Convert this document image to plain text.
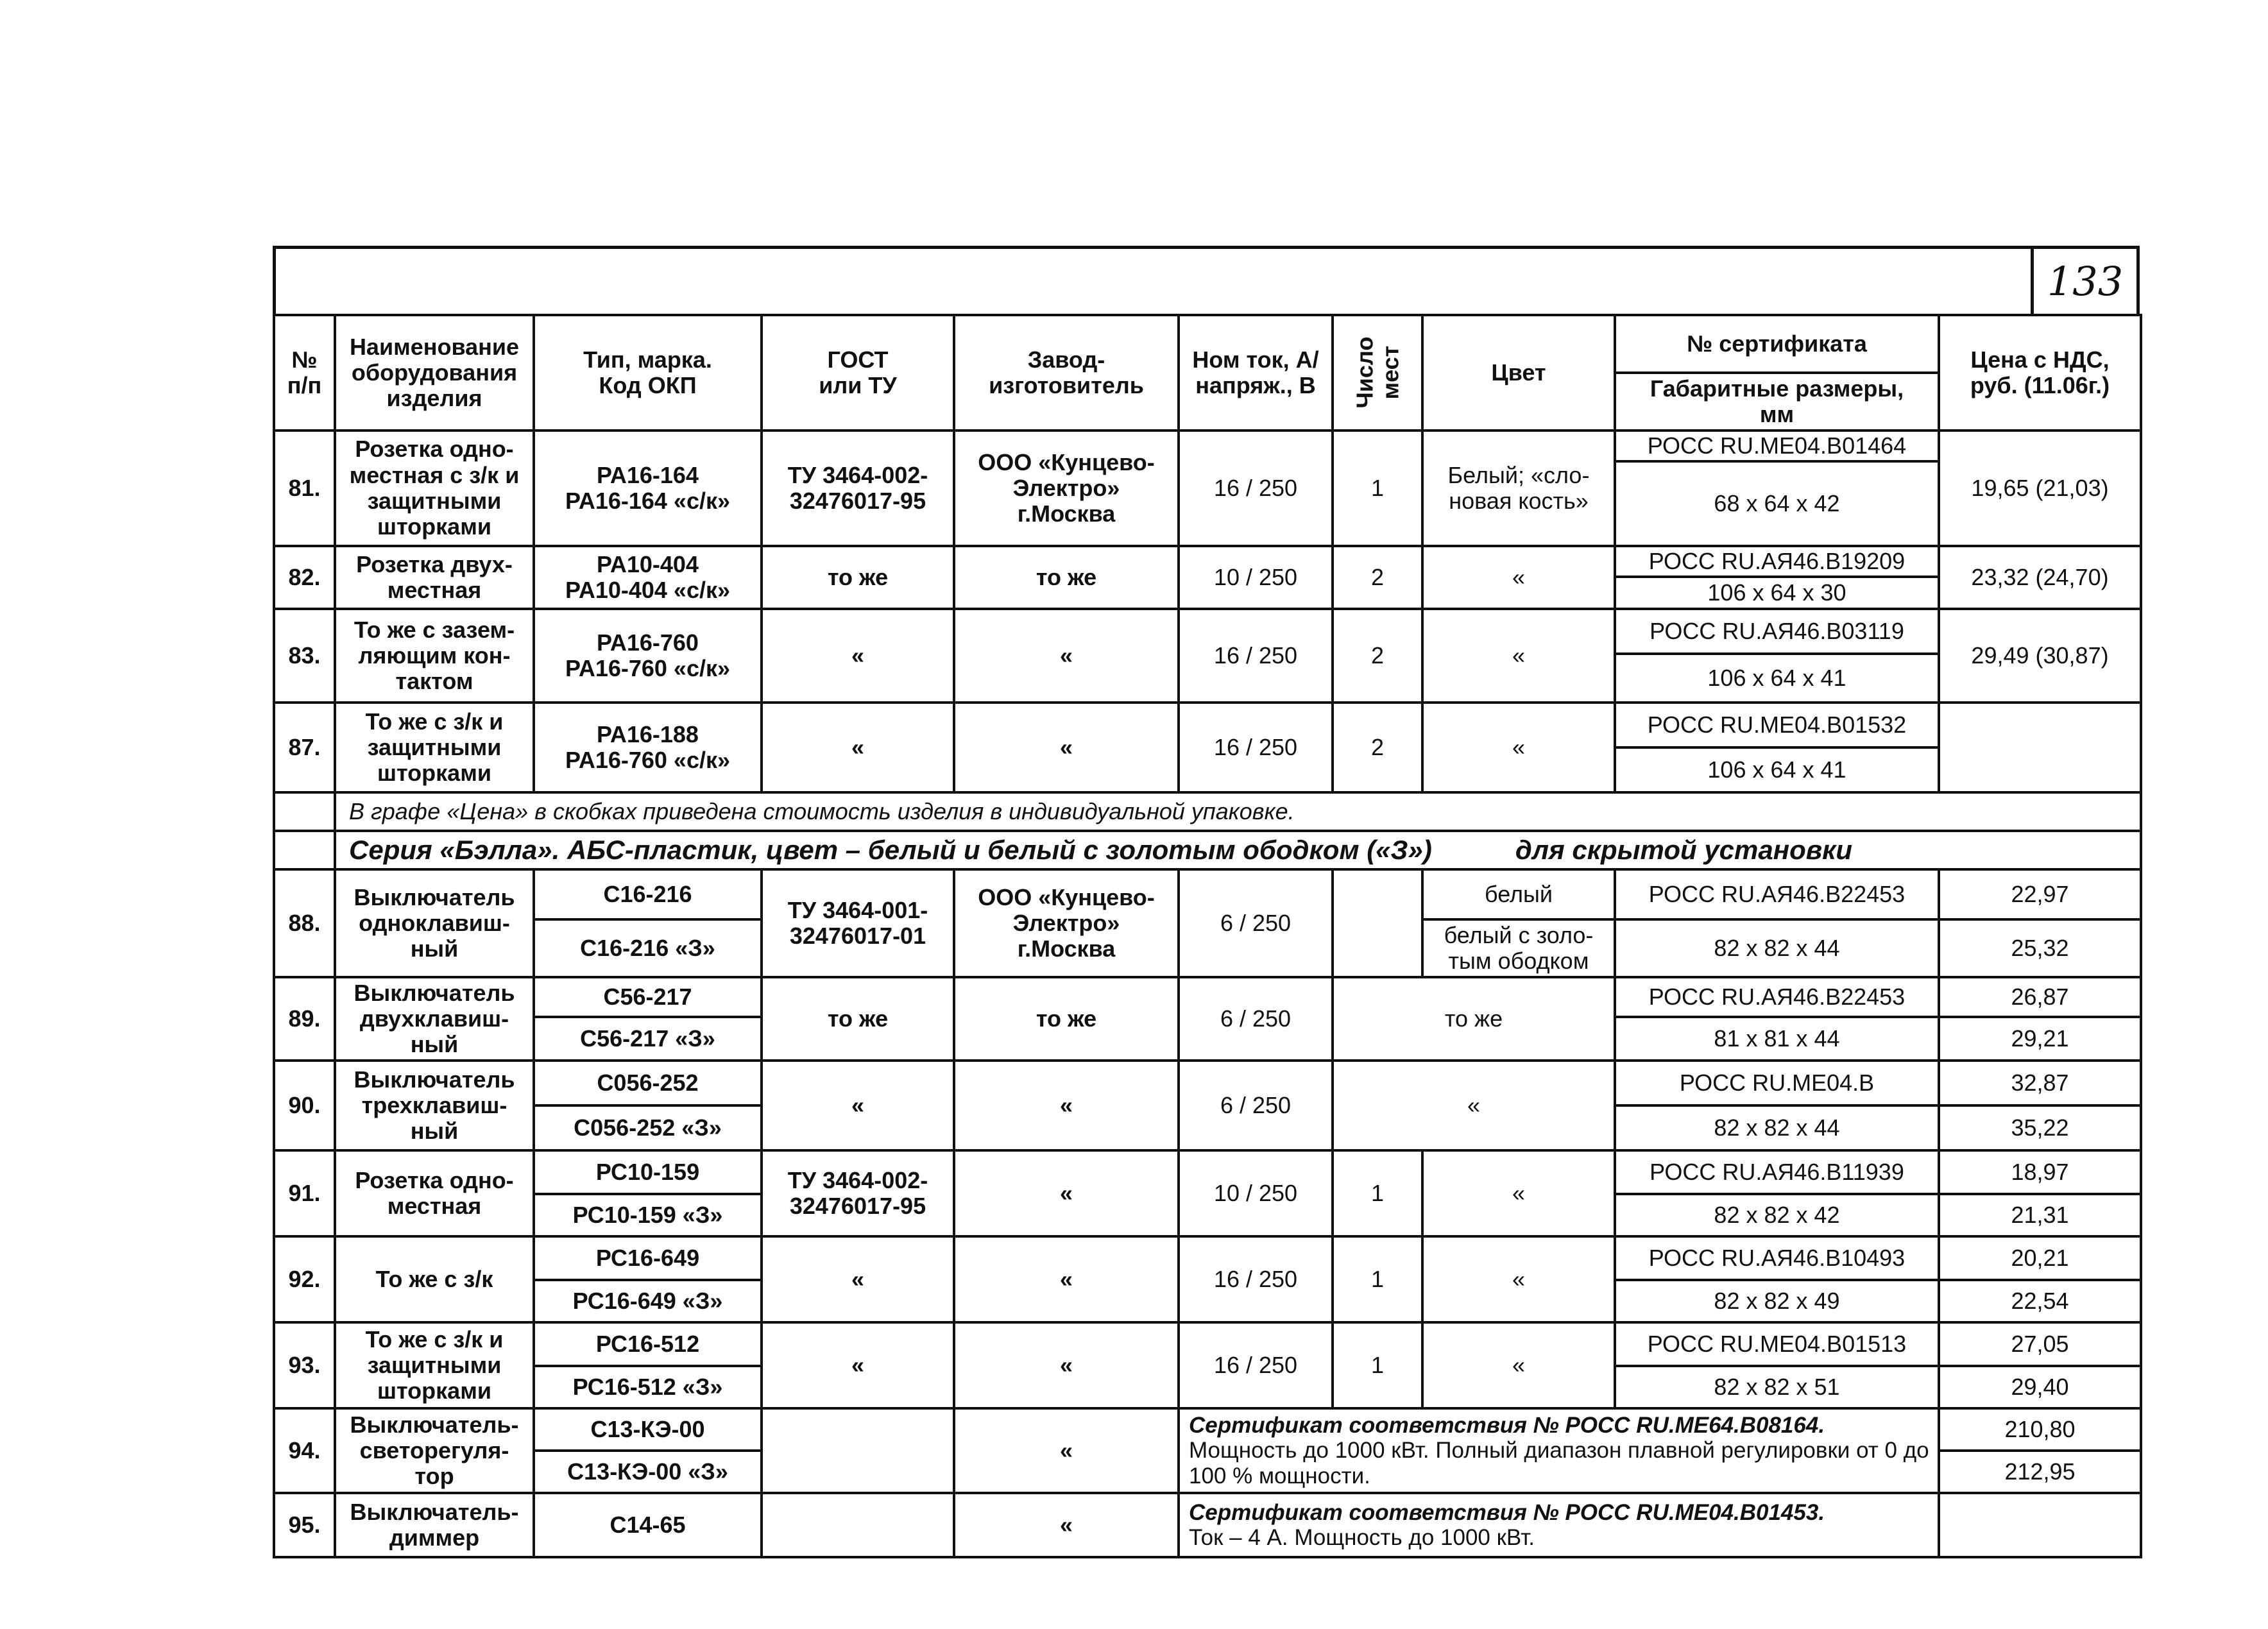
133
№
п/п	Наименование
оборудования
изделия	Тип, марка.
Код ОКП	ГОСТ
или ТУ	Завод-
изготовитель	Ном ток, А/
напряж., В	Число
мест	Цвет	№ сертификата	Цена с НДС,
руб. (11.06г.)
								Габаритные размеры,
мм	
81.	Розетка одно-
местная с з/к и
защитными
шторками	РА16-164
РА16-164 «с/к»	ТУ 3464-002-
32476017-95	ООО «Кунцево-
Электро»
г.Москва	16 / 250	1	Белый; «сло-
новая кость»	РОСС RU.МЕ04.В01464	19,65 (21,03)
								68 х 64 х 42	
82.	Розетка двух-
местная	РА10-404
РА10-404 «с/к»	то же	то же	10 / 250	2	«	РОСС RU.АЯ46.В19209	23,32 (24,70)
								106 х 64 х 30	
83.	То же с зазем-
ляющим кон-
тактом	РА16-760
РА16-760 «с/к»	«	«	16 / 250	2	«	РОСС RU.АЯ46.В03119	29,49 (30,87)
								106 х 64 х 41	
87.	То же с з/к и
защитными
шторками	РА16-188
РА16-760 «с/к»	«	«	16 / 250	2	«	РОСС RU.МЕ04.В01532	
								106 х 64 х 41	
	В графе «Цена» в скобках приведена стоимость изделия в индивидуальной упаковке.								
	Серия «Бэлла». АБС-пластик, цвет – белый и белый с золотым ободком («З») для скрытой установки								
88.	Выключатель
одноклавиш-
ный	С16-216	ТУ 3464-001-
32476017-01	ООО «Кунцево-
Электро»
г.Москва	6 / 250		белый	РОСС RU.АЯ46.В22453	22,97
		С16-216 «З»					белый с золо-
тым ободком	82 х 82 х 44	25,32
89.	Выключатель
двухклавиш-
ный	С56-217	то же	то же	6 / 250	то же		РОСС RU.АЯ46.В22453	26,87
		С56-217 «З»						81 х 81 х 44	29,21
90.	Выключатель
трехклавиш-
ный	С056-252	«	«	6 / 250	«		РОСС RU.МЕ04.В	32,87
		С056-252 «З»						82 х 82 х 44	35,22
91.	Розетка одно-
местная	РС10-159	ТУ 3464-002-
32476017-95	«	10 / 250	1	«	РОСС RU.АЯ46.В11939	18,97
		РС10-159 «З»						82 х 82 х 42	21,31
92.	То же с з/к	РС16-649	«	«	16 / 250	1	«	РОСС RU.АЯ46.В10493	20,21
		РС16-649 «З»						82 х 82 х 49	22,54
93.	То же с з/к и
защитными
шторками	РС16-512	«	«	16 / 250	1	«	РОСС RU.МЕ04.В01513	27,05
		РС16-512 «З»						82 х 82 х 51	29,40
94.	Выключатель-
светорегуля-
тор	С13-КЭ-00		«	Сертификат соответствия № РОСС RU.МЕ64.В08164.
Мощность до 1000 кВт. Полный диапазон плавной регулировки от 0 до 100 % мощности.				210,80
		С13-КЭ-00 «З»							212,95
95.	Выключатель-
диммер	С14-65		«	Сертификат соответствия № РОСС RU.МЕ04.В01453.
Ток – 4 А. Мощность до 1000 кВт.				
